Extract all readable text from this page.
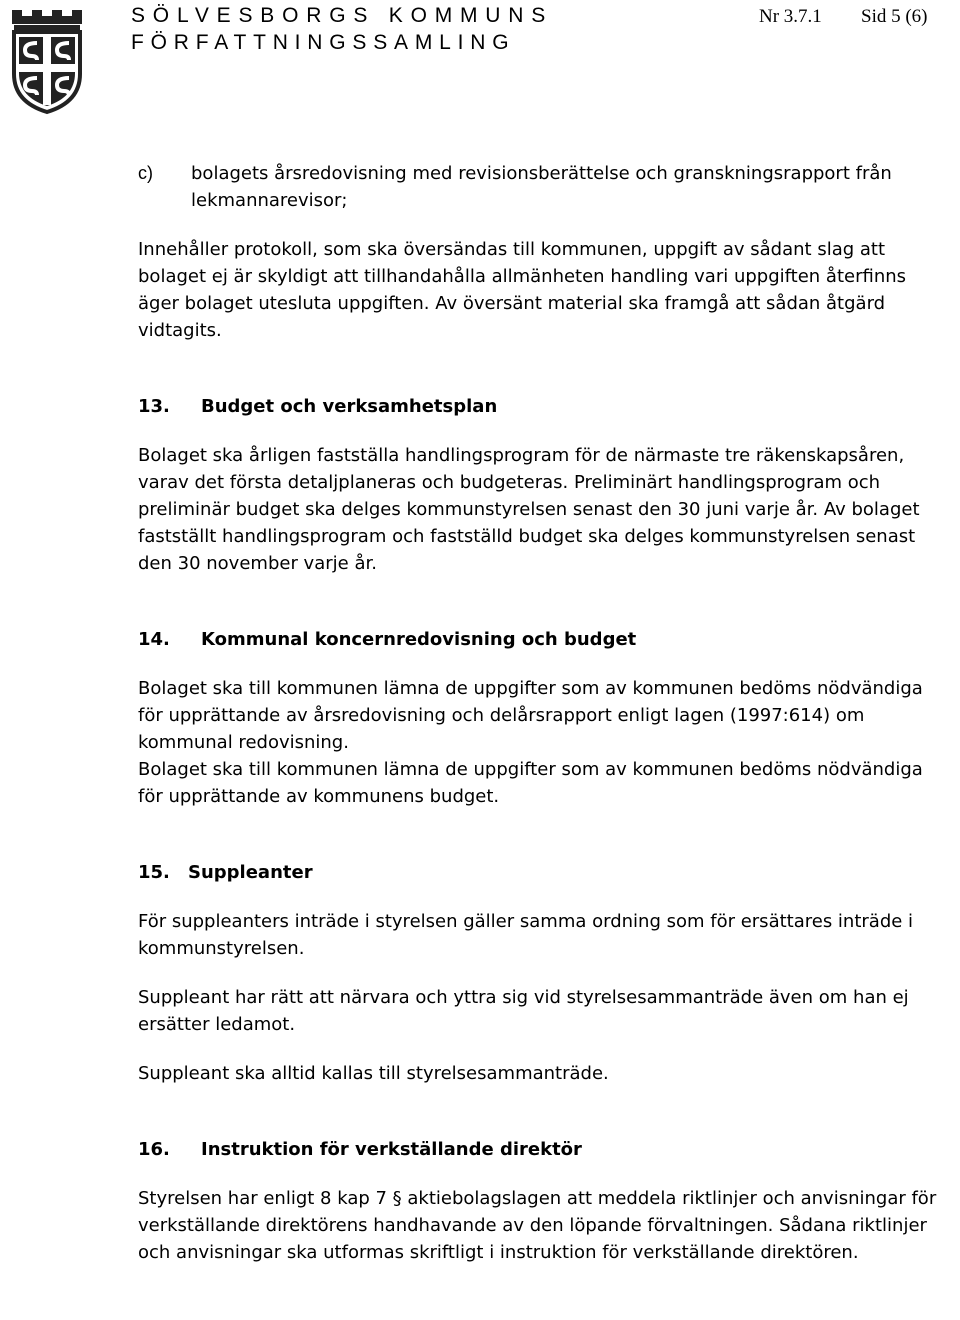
SÖLVESBORGS KOMMUNS
FÖRFATTNINGSSAMLING
Nr 3.7.1 Sid 5 (6)
c)	bolagets årsredovisning med revisionsberättelse och granskningsrapport från lekmannarevisor;

Innehåller protokoll, som ska översändas till kommunen, uppgift av sådant slag att bolaget ej är skyldigt att tillhandahålla allmänheten handling vari uppgiften återfinns äger bolaget utesluta uppgiften. Av översänt material ska framgå att sådan åtgärd vidtagits.

13. Budget och verksamhetsplan

Bolaget ska årligen fastställa handlingsprogram för de närmaste tre räkenskapsåren, varav det första detaljplaneras och budgeteras. Preliminärt handlingsprogram och preliminär budget ska delges kommunstyrelsen senast den 30 juni varje år. Av bolaget fastställt handlingsprogram och fastställd budget ska delges kommunstyrelsen senast den 30 november varje år.

14. Kommunal koncernredovisning och budget

Bolaget ska till kommunen lämna de uppgifter som av kommunen bedöms nödvändiga för upprättande av årsredovisning och delårsrapport enligt lagen (1997:614) om kommunal redovisning.

Bolaget ska till kommunen lämna de uppgifter som av kommunen bedöms nödvändiga för upprättande av kommunens budget.

15. Suppleanter

För suppleanters inträde i styrelsen gäller samma ordning som för ersättares inträde i kommunstyrelsen.

Suppleant har rätt att närvara och yttra sig vid styrelsesammanträde även om han ej ersätter ledamot.

Suppleant ska alltid kallas till styrelsesammanträde.

16. Instruktion för verkställande direktör

Styrelsen har enligt 8 kap 7 § aktiebolagslagen att meddela riktlinjer och anvisningar för verkställande direktörens handhavande av den löpande förvaltningen. Sådana riktlinjer och anvisningar ska utformas skriftligt i instruktion för verkställande direktören.
